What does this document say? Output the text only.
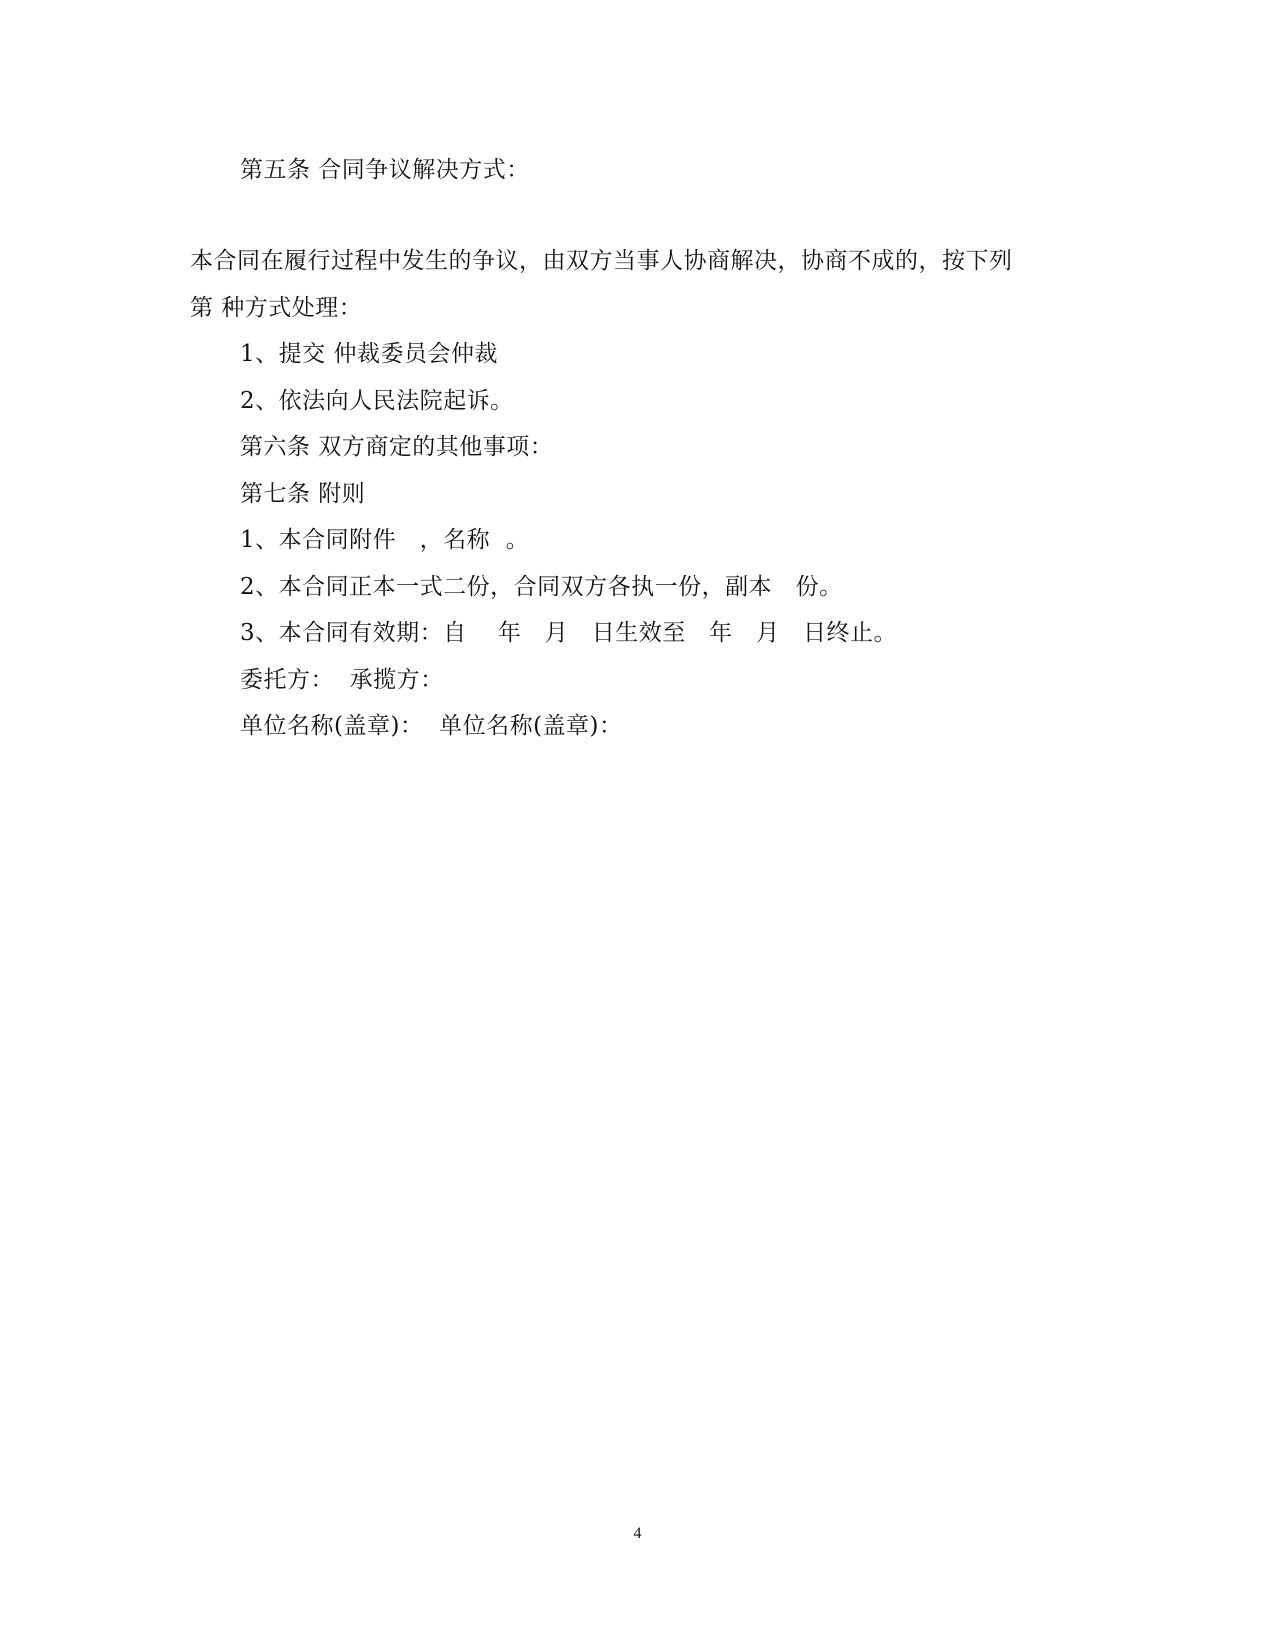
第五条 合同争议解决方式：
本合同在履行过程中发生的争议，由双方当事人协商解决，协商不成的，按下列
第 种方式处理：
1、提交 仲裁委员会仲裁
2、依法向人民法院起诉。
第六条 双方商定的其他事项：
第七条 附则
1、本合同附件   ，名称  。
2、本合同正本一式二份，合同双方各执一份，副本   份。
3、本合同有效期：自    年   月   日生效至   年   月   日终止。
委托方：  承揽方：
单位名称(盖章)：  单位名称(盖章)：
4
